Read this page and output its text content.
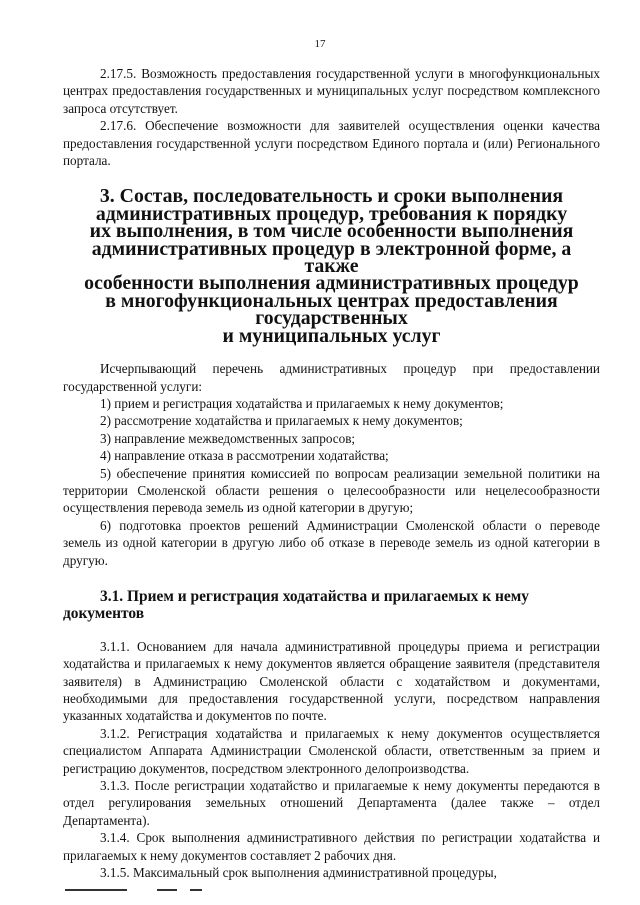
17

2.17.5. Возможность предоставления государственной услуги в многофункциональных центрах предоставления государственных и муниципальных услуг посредством комплексного запроса отсутствует.

2.17.6. Обеспечение возможности для заявителей осуществления оценки качества предоставления государственной услуги посредством Единого портала и (или) Регионального портала.

3. Состав, последовательность и сроки выполнения
административных процедур, требования к порядку
их выполнения, в том числе особенности выполнения
административных процедур в электронной форме, а также
особенности выполнения административных процедур
в многофункциональных центрах предоставления государственных
и муниципальных услуг

Исчерпывающий перечень административных процедур при предоставлении государственной услуги:

1) прием и регистрация ходатайства и прилагаемых к нему документов;

2) рассмотрение ходатайства и прилагаемых к нему документов;

3) направление межведомственных запросов;

4) направление отказа в рассмотрении ходатайства;

5) обеспечение принятия комиссией по вопросам реализации земельной политики на территории Смоленской области решения о целесообразности или нецелесообразности осуществления перевода земель из одной категории в другую;

6) подготовка проектов решений Администрации Смоленской области о переводе земель из одной категории в другую либо об отказе в переводе земель из одной категории в другую.

3.1. Прием и регистрация ходатайства и прилагаемых к нему документов

3.1.1. Основанием для начала административной процедуры приема и регистрации ходатайства и прилагаемых к нему документов является обращение заявителя (представителя заявителя) в Администрацию Смоленской области с ходатайством и документами, необходимыми для предоставления государственной услуги, посредством направления указанных ходатайства и документов по почте.

3.1.2. Регистрация ходатайства и прилагаемых к нему документов осуществляется специалистом Аппарата Администрации Смоленской области, ответственным за прием и регистрацию документов, посредством электронного делопроизводства.

3.1.3. После регистрации ходатайство и прилагаемые к нему документы передаются в отдел регулирования земельных отношений Департамента (далее также – отдел Департамента).

3.1.4. Срок выполнения административного действия по регистрации ходатайства и прилагаемых к нему документов составляет 2 рабочих дня.

3.1.5. Максимальный срок выполнения административной процедуры,
